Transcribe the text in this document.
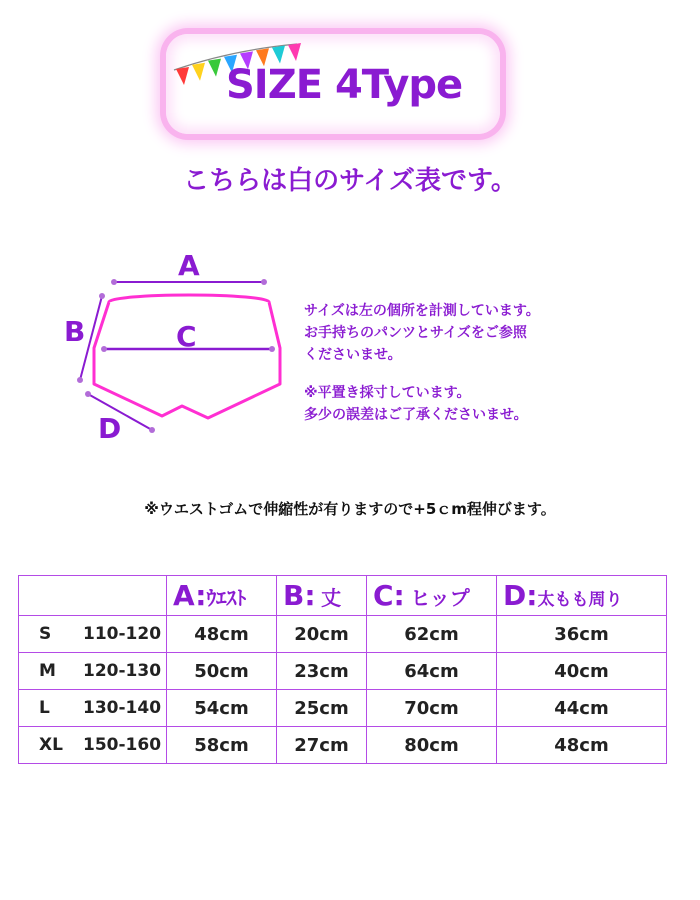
SIZE 4Type
こちらは白のサイズ表です。
A
B	C
D
サイズは左の個所を計測しています。
お手持ちのパンツとサイズをご参照
くださいませ。
※平置き採寸しています。
多少の誤差はご了承くださいませ。
※ウエストゴムで伸縮性が有りますので+5ｃm程伸びます。
	A:ｳｴｽﾄ	B: 丈	C: ヒップ	D:太もも周り
S 110-120	48cm	20cm	62cm	36cm
M 120-130	50cm	23cm	64cm	40cm
L 130-140	54cm	25cm	70cm	44cm
XL 150-160	58cm	27cm	80cm	48cm
